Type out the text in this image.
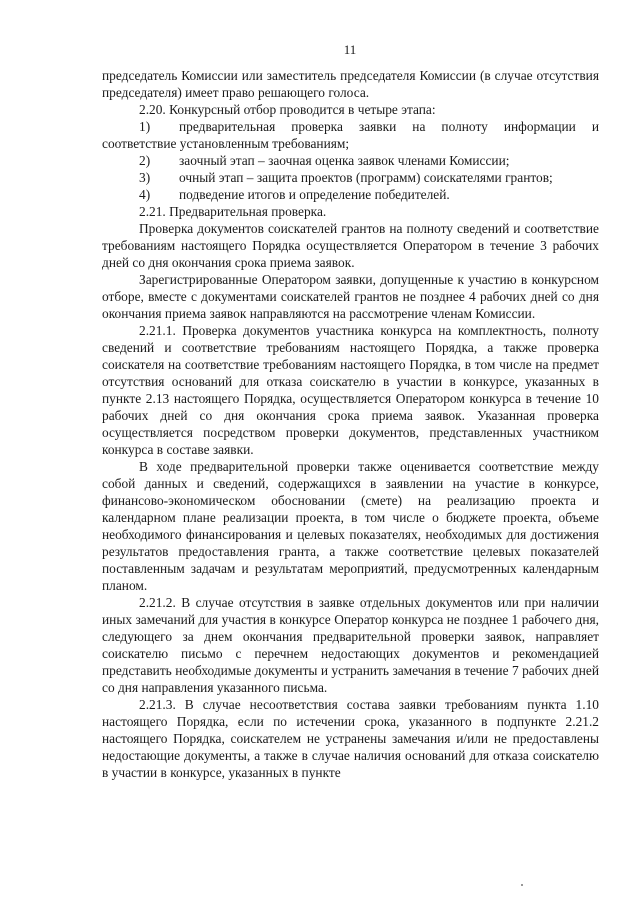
11

председатель Комиссии или заместитель председателя Комиссии (в случае отсутствия председателя) имеет право решающего голоса.

2.20. Конкурсный отбор проводится в четыре этапа:

1) предварительная проверка заявки на полноту информации и соответствие установленным требованиям;
2)	заочный этап – заочная оценка заявок членами Комиссии;
3)	очный этап – защита проектов (программ) соискателями грантов;
4)	подведение итогов и определение победителей.

2.21. Предварительная проверка.

Проверка документов соискателей грантов на полноту сведений и соответствие требованиям настоящего Порядка осуществляется Оператором в течение 3 рабочих дней со дня окончания срока приема заявок.

Зарегистрированные Оператором заявки, допущенные к участию в конкурсном отборе, вместе с документами соискателей грантов не позднее 4 рабочих дней со дня окончания приема заявок направляются на рассмотрение членам Комиссии.

2.21.1. Проверка документов участника конкурса на комплектность, полноту сведений и соответствие требованиям настоящего Порядка, а также проверка соискателя на соответствие требованиям настоящего Порядка, в том числе на предмет отсутствия оснований для отказа соискателю в участии в конкурсе, указанных в пункте 2.13 настоящего Порядка, осуществляется Оператором конкурса в течение 10 рабочих дней со дня окончания срока приема заявок. Указанная проверка осуществляется посредством проверки документов, представленных участником конкурса в составе заявки.

В ходе предварительной проверки также оценивается соответствие между собой данных и сведений, содержащихся в заявлении на участие в конкурсе, финансово-экономическом обосновании (смете) на реализацию проекта и календарном плане реализации проекта, в том числе о бюджете проекта, объеме необходимого финансирования и целевых показателях, необходимых для достижения результатов предоставления гранта, а также соответствие целевых показателей поставленным задачам и результатам мероприятий, предусмотренных календарным планом.

2.21.2. В случае отсутствия в заявке отдельных документов или при наличии иных замечаний для участия в конкурсе Оператор конкурса не позднее 1 рабочего дня, следующего за днем окончания предварительной проверки заявок, направляет соискателю письмо с перечнем недостающих документов и рекомендацией представить необходимые документы и устранить замечания в течение 7 рабочих дней со дня направления указанного письма.

2.21.3. В случае несоответствия состава заявки требованиям пункта 1.10 настоящего Порядка, если по истечении срока, указанного в подпункте 2.21.2 настоящего Порядка, соискателем не устранены замечания и/или не предоставлены недостающие документы, а также в случае наличия оснований для отказа соискателю в участии в конкурсе, указанных в пункте
